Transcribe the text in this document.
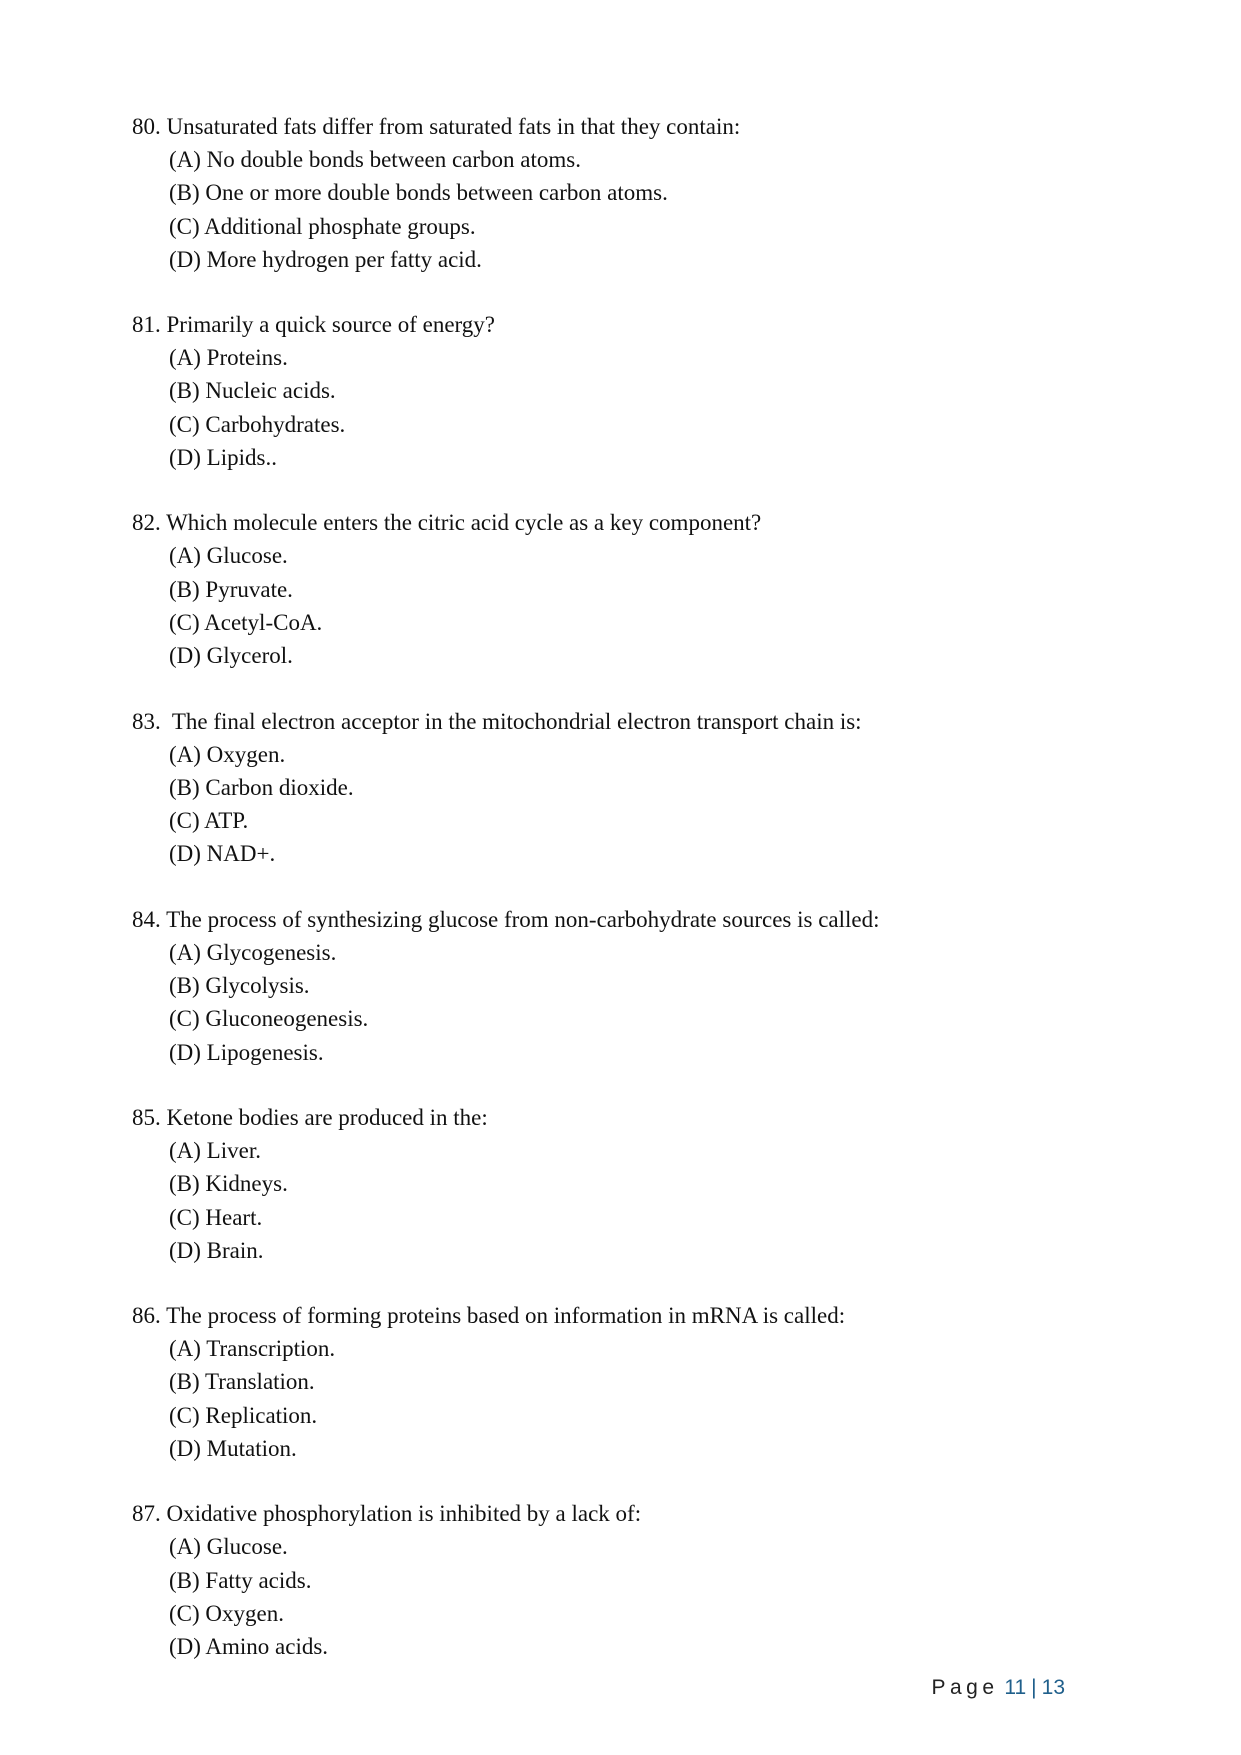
80. Unsaturated fats differ from saturated fats in that they contain:
(A) No double bonds between carbon atoms.
(B) One or more double bonds between carbon atoms.
(C) Additional phosphate groups.
(D) More hydrogen per fatty acid.
81. Primarily a quick source of energy?
(A) Proteins.
(B) Nucleic acids.
(C) Carbohydrates.
(D) Lipids..
82. Which molecule enters the citric acid cycle as a key component?
(A) Glucose.
(B) Pyruvate.
(C) Acetyl-CoA.
(D) Glycerol.
83.  The final electron acceptor in the mitochondrial electron transport chain is:
(A) Oxygen.
(B) Carbon dioxide.
(C) ATP.
(D) NAD+.
84. The process of synthesizing glucose from non-carbohydrate sources is called:
(A) Glycogenesis.
(B) Glycolysis.
(C) Gluconeogenesis.
(D) Lipogenesis.
85. Ketone bodies are produced in the:
(A) Liver.
(B) Kidneys.
(C) Heart.
(D) Brain.
86. The process of forming proteins based on information in mRNA is called:
(A) Transcription.
(B) Translation.
(C) Replication.
(D) Mutation.
87. Oxidative phosphorylation is inhibited by a lack of:
(A) Glucose.
(B) Fatty acids.
(C) Oxygen.
(D) Amino acids.
Page 11 | 13
